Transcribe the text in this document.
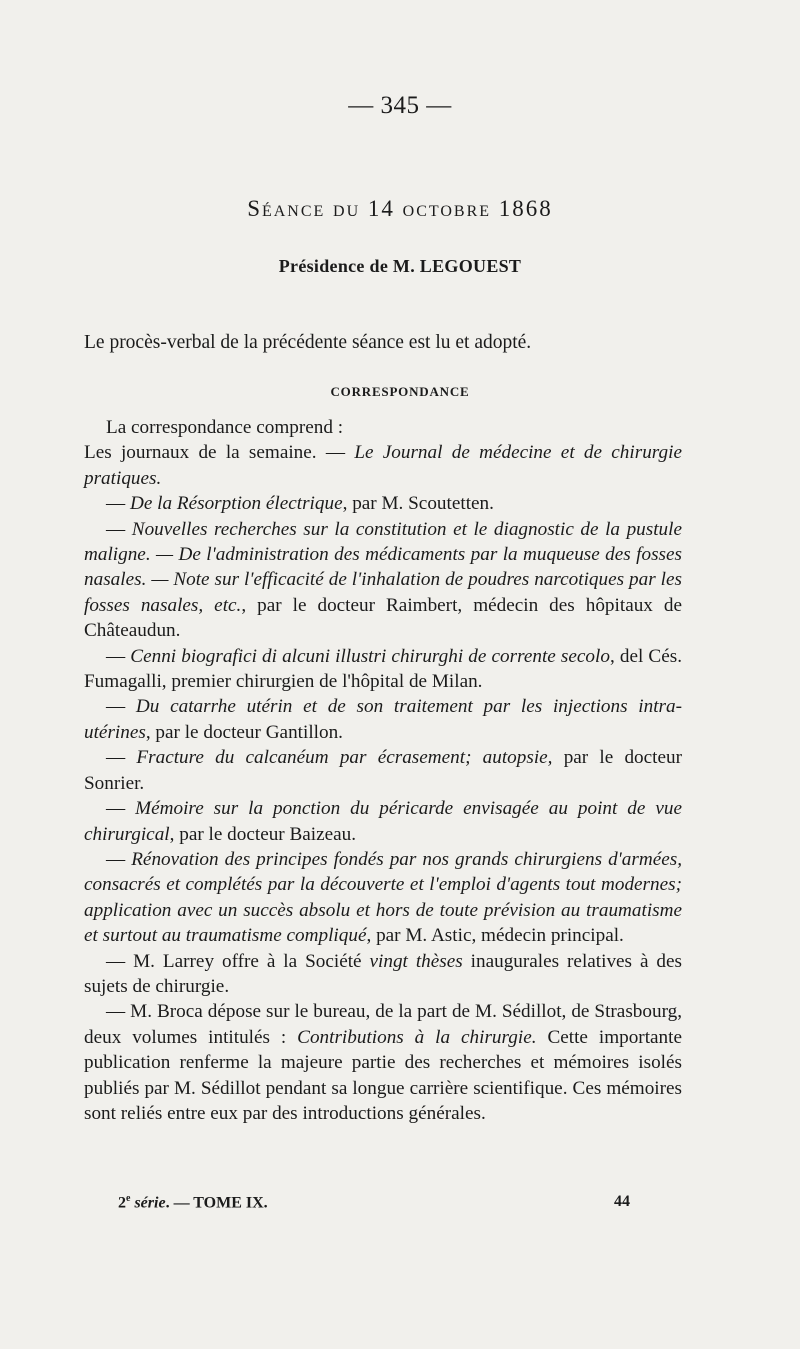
— 345 —
Séance du 14 octobre 1868
Présidence de M. LEGOUEST
Le procès-verbal de la précédente séance est lu et adopté.
CORRESPONDANCE

La correspondance comprend :

Les journaux de la semaine. — Le Journal de médecine et de chirurgie pratiques.

— De la Résorption électrique, par M. Scoutetten.

— Nouvelles recherches sur la constitution et le diagnostic de la pustule maligne. — De l'administration des médicaments par la muqueuse des fosses nasales. — Note sur l'efficacité de l'inhalation de poudres narcotiques par les fosses nasales, etc., par le docteur Raimbert, médecin des hôpitaux de Châteaudun.

— Cenni biografici di alcuni illustri chirurghi de corrente secolo, del Cés. Fumagalli, premier chirurgien de l'hôpital de Milan.

— Du catarrhe utérin et de son traitement par les injections intra-utérines, par le docteur Gantillon.

— Fracture du calcanéum par écrasement; autopsie, par le docteur Sonrier.

— Mémoire sur la ponction du péricarde envisagée au point de vue chirurgical, par le docteur Baizeau.

— Rénovation des principes fondés par nos grands chirurgiens d'armées, consacrés et complétés par la découverte et l'emploi d'agents tout modernes; application avec un succès absolu et hors de toute prévision au traumatisme et surtout au traumatisme compliqué, par M. Astic, médecin principal.

— M. Larrey offre à la Société vingt thèses inaugurales relatives à des sujets de chirurgie.

— M. Broca dépose sur le bureau, de la part de M. Sédillot, de Strasbourg, deux volumes intitulés : Contributions à la chirurgie. Cette importante publication renferme la majeure partie des recherches et mémoires isolés publiés par M. Sédillot pendant sa longue carrière scientifique. Ces mémoires sont reliés entre eux par des introductions générales.

2e série. — TOME IX.	44
